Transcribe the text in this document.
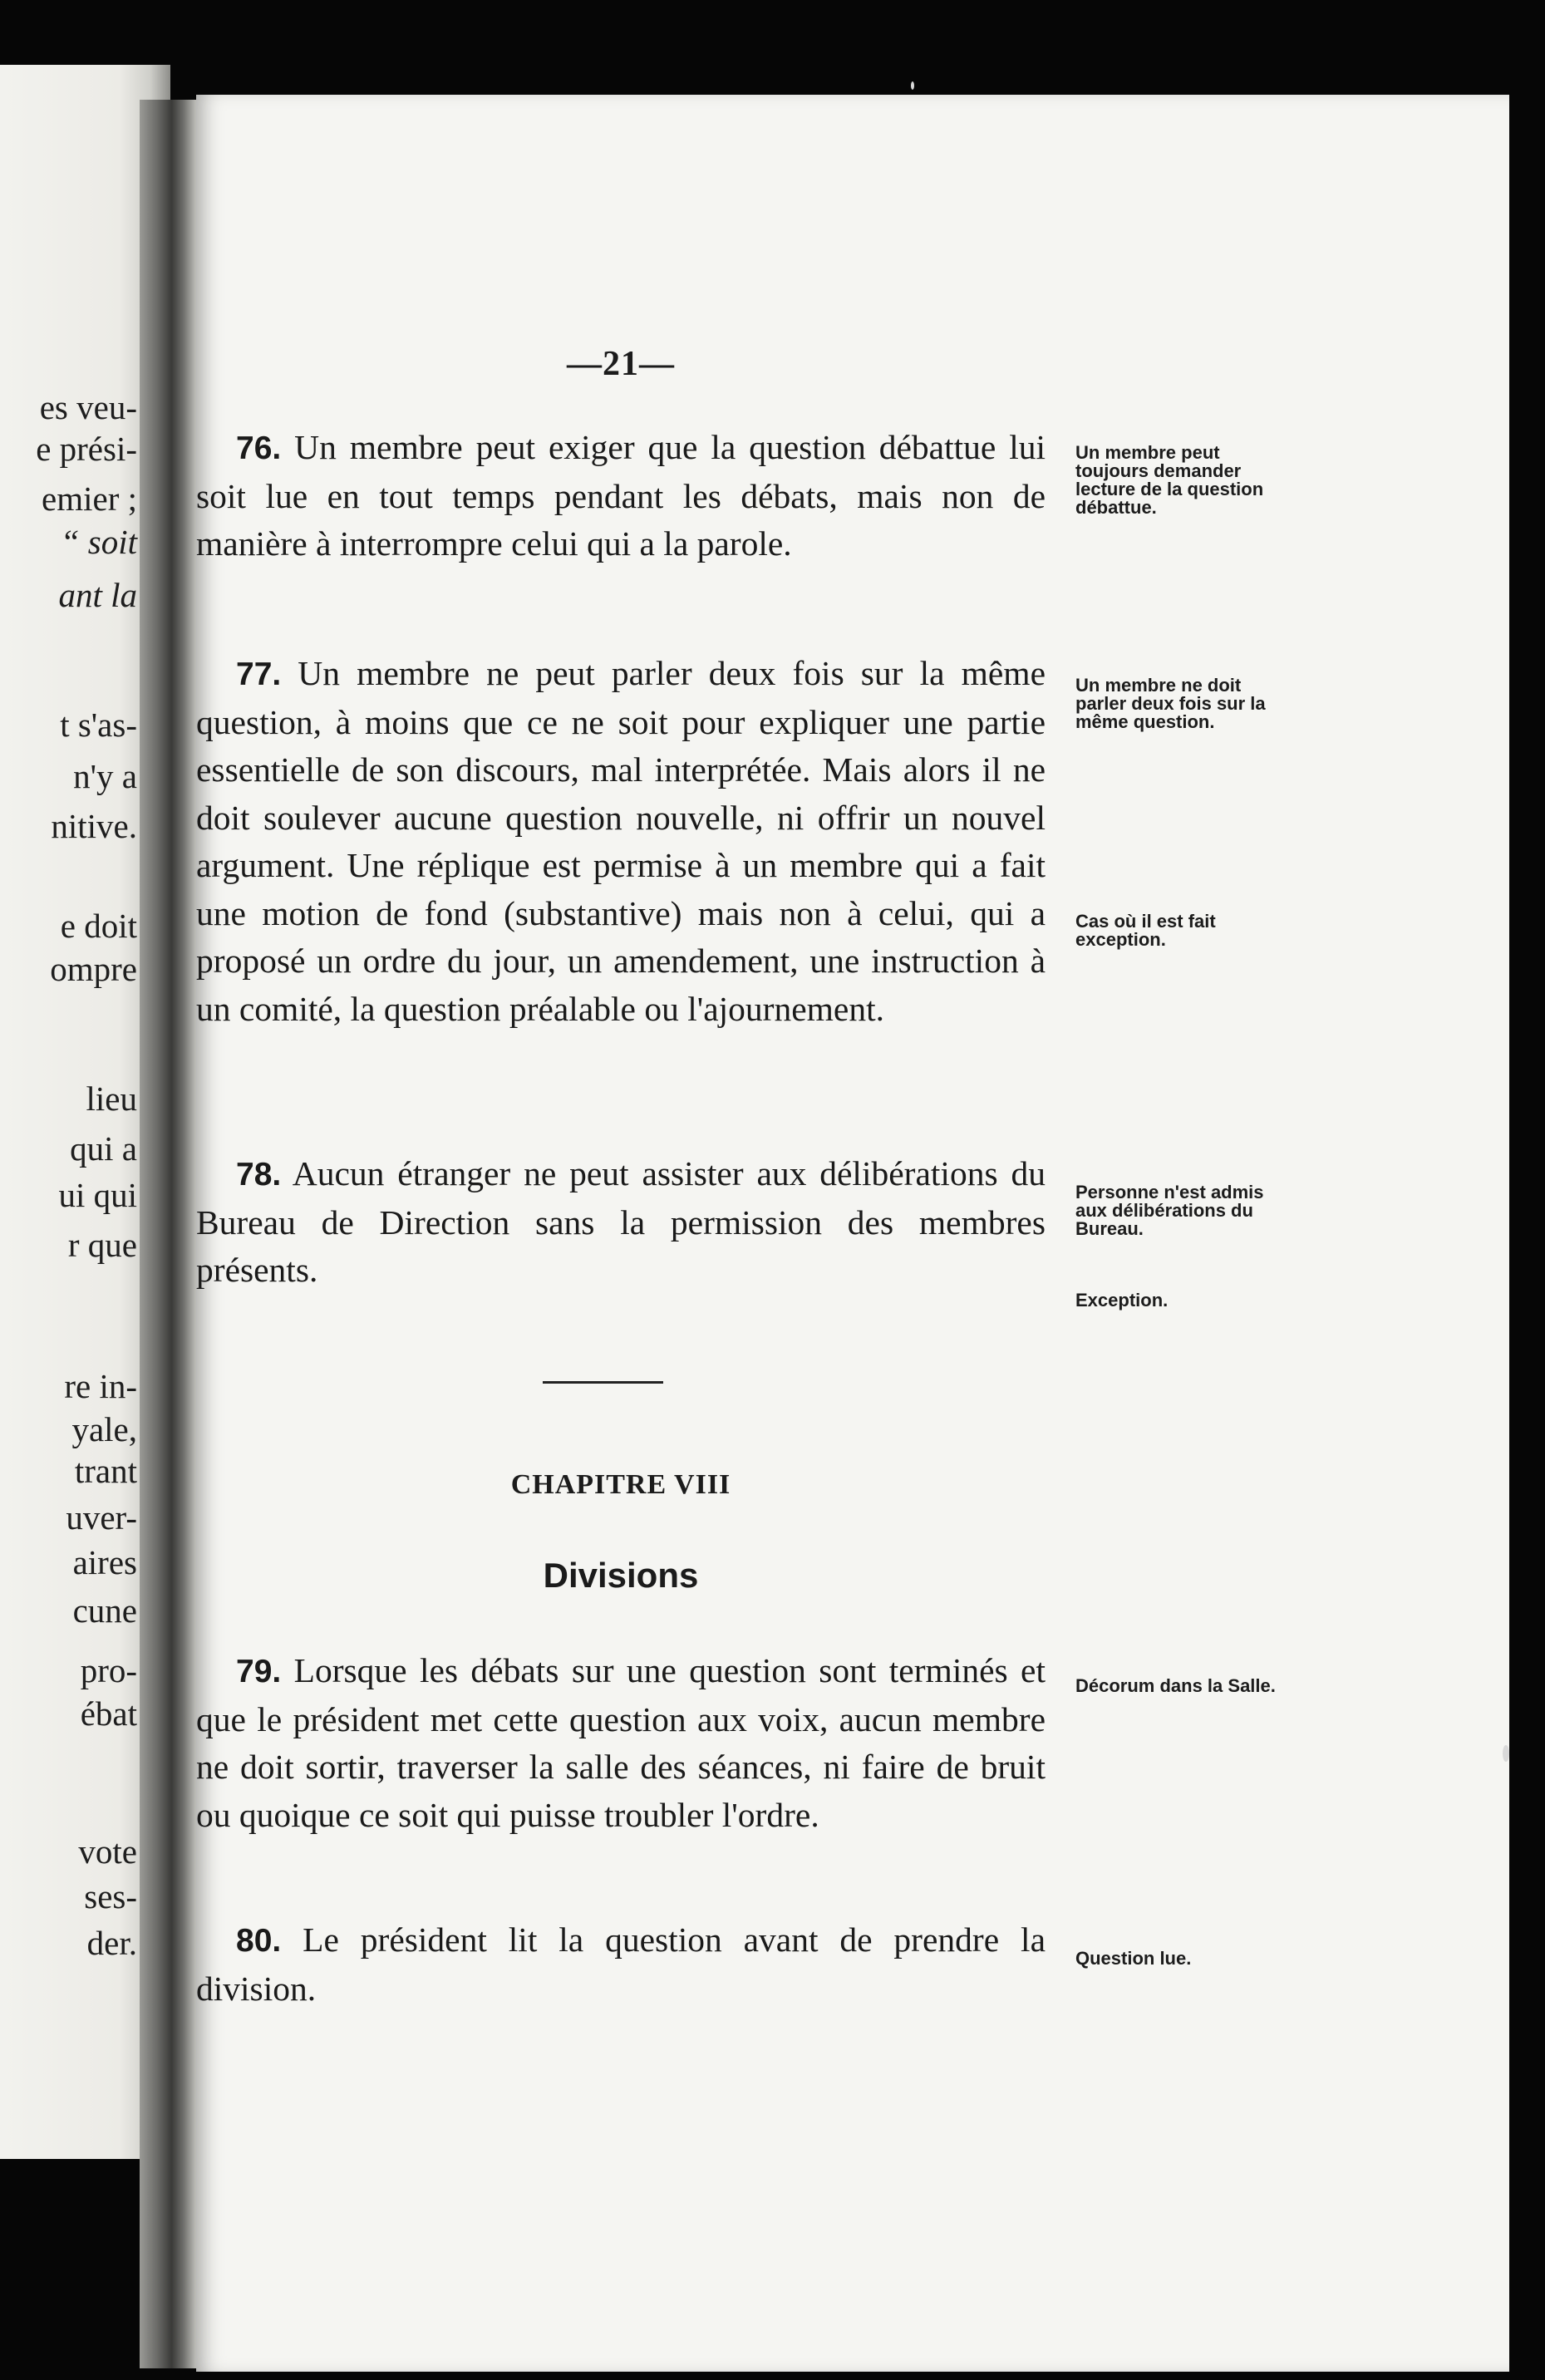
es veu-
e prési-
emier ;
“ soit
ant la
t s'as-
n'y a
nitive.
e doit
ompre
lieu
qui a
ui qui
r que
re in-
yale,
trant
uver-
aires
cune
pro-
ébat
vote
ses-
der.
—21—

76. Un membre peut exiger que la question débattue lui soit lue en tout temps pendant les débats, mais non de manière à interrompre celui qui a la parole.

Un membre peut toujours demander lecture de la question débattue.

77. Un membre ne peut parler deux fois sur la même question, à moins que ce ne soit pour expliquer une partie essentielle de son discours, mal interprétée. Mais alors il ne doit soulever aucune question nouvelle, ni offrir un nouvel argument. Une réplique est permise à un membre qui a fait une motion de fond (substantive) mais non à celui, qui a proposé un ordre du jour, un amendement, une instruction à un comité, la question préalable ou l'ajournement.

Un membre ne doit parler deux fois sur la même question.

Cas où il est fait exception.

78. Aucun étranger ne peut assister aux délibérations du Bureau de Direction sans la permission des membres présents.

Personne n'est admis aux délibérations du Bureau.

Exception.

CHAPITRE VIII
Divisions

79. Lorsque les débats sur une question sont terminés et que le président met cette question aux voix, aucun membre ne doit sortir, traverser la salle des séances, ni faire de bruit ou quoique ce soit qui puisse troubler l'ordre.

Décorum dans la Salle.

80. Le président lit la question avant de prendre la division.

Question lue.
